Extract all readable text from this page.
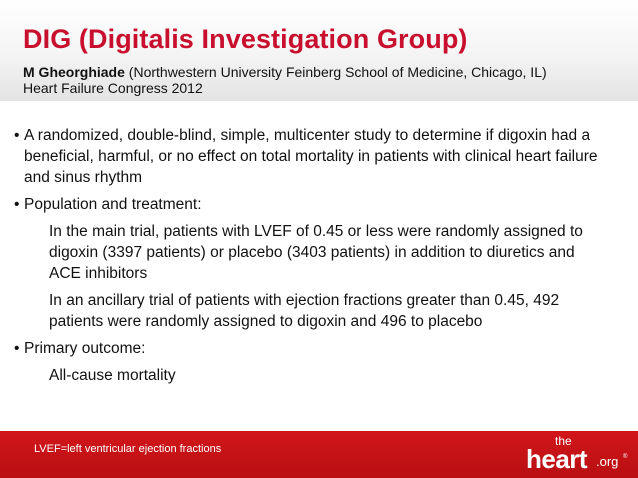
DIG (Digitalis Investigation Group)
M Gheorghiade (Northwestern University Feinberg School of Medicine, Chicago, IL)
Heart Failure Congress 2012
• A randomized, double-blind, simple, multicenter study to determine if digoxin had a beneficial, harmful, or no effect on total mortality in patients with clinical heart failure and sinus rhythm
• Population and treatment:
In the main trial, patients with LVEF of 0.45 or less were randomly assigned to digoxin (3397 patients) or placebo (3403 patients) in addition to diuretics and ACE inhibitors
In an ancillary trial of patients with ejection fractions greater than 0.45, 492 patients were randomly assigned to digoxin and 496 to placebo
• Primary outcome:
All-cause mortality
LVEF=left ventricular ejection fractions
the
heart .org ®
